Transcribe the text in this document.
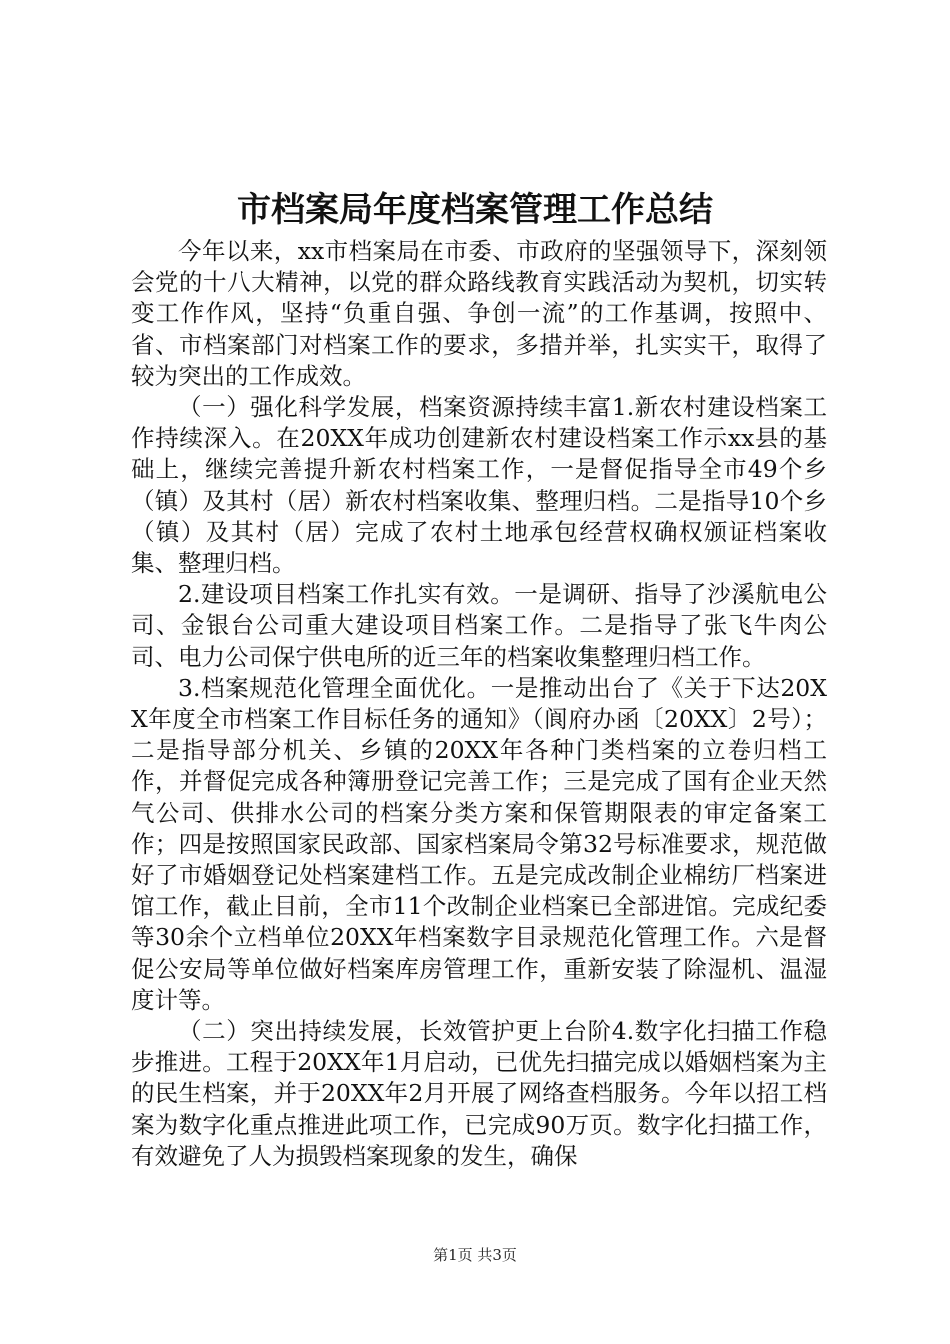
市档案局年度档案管理工作总结

今年以来，xx市档案局在市委、市政府的坚强领导下，深刻领会党的十八大精神，以党的群众路线教育实践活动为契机，切实转变工作作风，坚持“负重自强、争创一流”的工作基调，按照中、省、市档案部门对档案工作的要求，多措并举，扎实实干，取得了较为突出的工作成效。

（一）强化科学发展，档案资源持续丰富1.新农村建设档案工作持续深入。在20XX年成功创建新农村建设档案工作示xx县的基础上，继续完善提升新农村档案工作，一是督促指导全市49个乡（镇）及其村（居）新农村档案收集、整理归档。二是指导10个乡（镇）及其村（居）完成了农村土地承包经营权确权颁证档案收集、整理归档。

2.建设项目档案工作扎实有效。一是调研、指导了沙溪航电公司、金银台公司重大建设项目档案工作。二是指导了张飞牛肉公司、电力公司保宁供电所的近三年的档案收集整理归档工作。

3.档案规范化管理全面优化。一是推动出台了《关于下达20XX年度全市档案工作目标任务的通知》（阆府办函〔20XX〕2号）；二是指导部分机关、乡镇的20XX年各种门类档案的立卷归档工作，并督促完成各种簿册登记完善工作；三是完成了国有企业天然气公司、供排水公司的档案分类方案和保管期限表的审定备案工作；四是按照国家民政部、国家档案局令第32号标准要求，规范做好了市婚姻登记处档案建档工作。五是完成改制企业棉纺厂档案进馆工作，截止目前，全市11个改制企业档案已全部进馆。完成纪委等30余个立档单位20XX年档案数字目录规范化管理工作。六是督促公安局等单位做好档案库房管理工作，重新安装了除湿机、温湿度计等。

（二）突出持续发展，长效管护更上台阶4.数字化扫描工作稳步推进。工程于20XX年1月启动，已优先扫描完成以婚姻档案为主的民生档案，并于20XX年2月开展了网络查档服务。今年以招工档案为数字化重点推进此项工作，已完成90万页。数字化扫描工作，有效避免了人为损毁档案现象的发生，确保

第1页 共3页
